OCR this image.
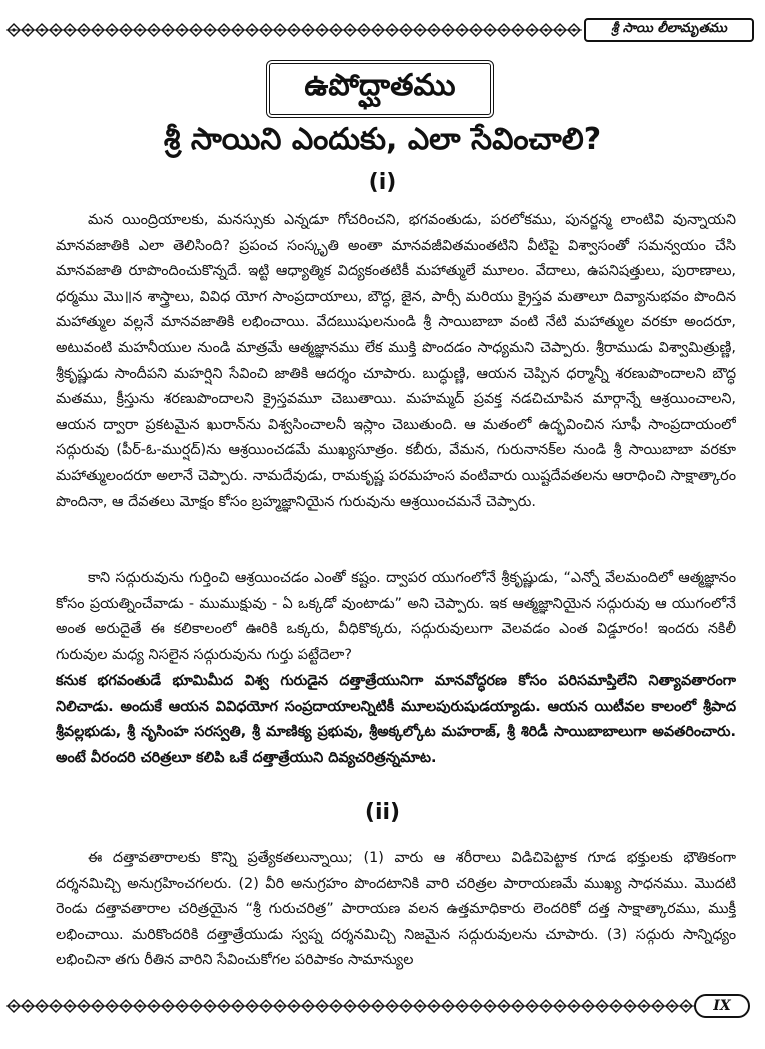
శ్రీ సాయి లీలామృతము
ఉపోద్ఘాతము
శ్రీ సాయిని ఎందుకు, ఎలా సేవించాలి?
(i)

మన యింద్రియాలకు, మనస్సుకు ఎన్నడూ గోచరించని, భగవంతుడు, పరలోకము, పునర్జన్మ లాంటివి వున్నాయని మానవజాతికి ఎలా తెలిసింది? ప్రపంచ సంస్కృతి అంతా మానవజీవితమంతటిని వీటిపై విశ్వాసంతో సమన్వయం చేసి మానవజాతి రూపొందించుకొన్నదే. ఇట్టి ఆధ్యాత్మిక విద్యకంతటికీ మహాత్ములే మూలం. వేదాలు, ఉపనిషత్తులు, పురాణాలు, ధర్మము మొ॥న శాస్త్రాలు, వివిధ యోగ సాంప్రదాయాలు, బౌద్ధ, జైన, పార్సీ మరియు క్రైస్తవ మతాలూ దివ్యానుభవం పొందిన మహాత్ముల వల్లనే మానవజాతికి లభించాయి. వేదఋషులనుండి శ్రీ సాయిబాబా వంటి నేటి మహాత్ముల వరకూ అందరూ, అటువంటి మహనీయుల నుండి మాత్రమే ఆత్మజ్ఞానము లేక ముక్తి పొందడం సాధ్యమని చెప్పారు. శ్రీరాముడు విశ్వామిత్రుణ్ణి, శ్రీకృష్ణుడు సాందీపని మహర్షిని సేవించి జాతికి ఆదర్శం చూపారు. బుద్ధుణ్ణి, ఆయన చెప్పిన ధర్మాన్నీ శరణుపొందాలని బౌద్ధ మతము, క్రీస్తును శరణుపొందాలని క్రైస్తవమూ చెబుతాయి. మహమ్మద్ ప్రవక్త నడచిచూపిన మార్గాన్నే ఆశ్రయించాలని, ఆయన ద్వారా ప్రకటమైన ఖురాన్‌ను విశ్వసించాలనీ ఇస్లాం చెబుతుంది. ఆ మతంలో ఉద్భవించిన సూఫీ సాంప్రదాయంలో సద్గురువు (పీర్-ఓ-ముర్షద్)ను ఆశ్రయించడమే ముఖ్యసూత్రం. కబీరు, వేమన, గురునానక్‌ల నుండి శ్రీ సాయిబాబా వరకూ మహాత్ములందరూ అలానే చెప్పారు. నామదేవుడు, రామకృష్ణ పరమహంస వంటివారు యిష్టదేవతలను ఆరాధించి సాక్షాత్కారం పొందినా, ఆ దేవతలు మోక్షం కోసం బ్రహ్మజ్ఞానియైన గురువును ఆశ్రయించమనే చెప్పారు.

కాని సద్గురువును గుర్తించి ఆశ్రయించడం ఎంతో కష్టం. ద్వాపర యుగంలోనే శ్రీకృష్ణుడు, “ఎన్నో వేలమందిలో ఆత్మజ్ఞానం కోసం ప్రయత్నించేవాడు - ముముక్షువు - ఏ ఒక్కడో వుంటాడు” అని చెప్పారు. ఇక ఆత్మజ్ఞానియైన సద్గురువు ఆ యుగంలోనే అంత అరుదైతే ఈ కలికాలంలో ఊరికి ఒక్కరు, వీధికొక్కరు, సద్గురువులుగా వెలవడం ఎంత విడ్డూరం! ఇందరు నకిలీ గురువుల మధ్య నిసలైన సద్గురువును గుర్తు పట్టేదెలా?

కనుక భగవంతుడే భూమిమీద విశ్వ గురుడైన దత్తాత్రేయునిగా మానవోద్ధరణ కోసం పరిసమాప్తిలేని నిత్యావతారంగా నిలిచాడు. అందుకే ఆయన వివిధయోగ సంప్రదాయాలన్నిటికీ మూలపురుషుడయ్యాడు. ఆయన యిటీవల కాలంలో శ్రీపాద శ్రీవల్లభుడు, శ్రీ నృసింహ సరస్వతి, శ్రీ మాణిక్య ప్రభువు, శ్రీఅక్కల్కోట మహరాజ్, శ్రీ శిరిడీ సాయిబాబాలుగా అవతరించారు. అంటే వీరందరి చరిత్రలూ కలిపి ఒకే దత్తాత్రేయుని దివ్యచరిత్రన్నమాట.

(ii)

ఈ దత్తావతారాలకు కొన్ని ప్రత్యేకతలున్నాయి; (1) వారు ఆ శరీరాలు విడిచిపెట్టాక గూడ భక్తులకు భౌతికంగా దర్శనమిచ్చి అనుగ్రహించగలరు. (2) వీరి అనుగ్రహం పొందటానికి వారి చరిత్రల పారాయణమే ముఖ్య సాధనము. మొదటి రెండు దత్తావతారాల చరిత్రయైన “శ్రీ గురుచరిత్ర” పారాయణ వలన ఉత్తమాధికారు లెందరికో దత్త సాక్షాత్కారము, ముక్తీ లభించాయి. మరికొందరికి దత్తాత్రేయుడు స్వప్న దర్శనమిచ్చి నిజమైన సద్గురువులను చూపారు. (3) సద్గురు సాన్నిధ్యం లభించినా తగు రీతిన వారిని సేవించుకోగల పరిపాకం సామాన్యుల

IX
